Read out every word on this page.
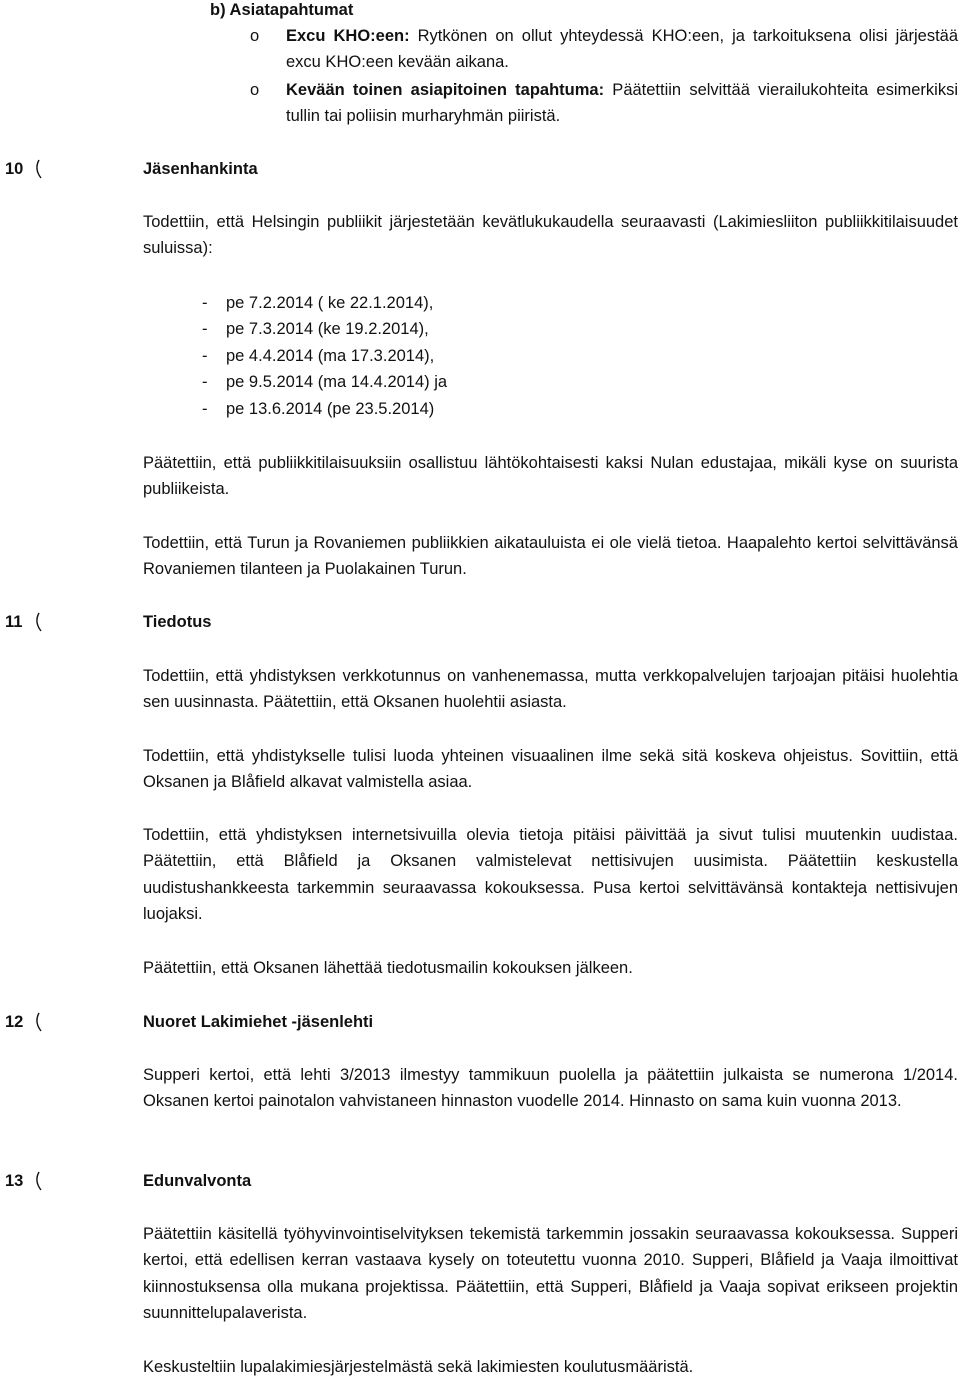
b) Asiatapahtumat
o Excu KHO:een: Rytkönen on ollut yhteydessä KHO:een, ja tarkoituksena olisi järjestää excu KHO:een kevään aikana.
o Kevään toinen asiapitoinen tapahtuma: Päätettiin selvittää vierailukohteita esimerkiksi tullin tai poliisin murharyhmän piiristä.
10	Jäsenhankinta
Todettiin, että Helsingin publiikit järjestetään kevätlukukaudella seuraavasti (Lakimiesliiton publiikkitilaisuudet suluissa):
- pe 7.2.2014 ( ke 22.1.2014),
- pe 7.3.2014 (ke 19.2.2014),
- pe 4.4.2014 (ma 17.3.2014),
- pe 9.5.2014 (ma 14.4.2014) ja
- pe 13.6.2014 (pe 23.5.2014)
Päätettiin, että publiikkitilaisuuksiin osallistuu lähtökohtaisesti kaksi Nulan edustajaa, mikäli kyse on suurista publiikeista.
Todettiin, että Turun ja Rovaniemen publiikkien aikatauluista ei ole vielä tietoa. Haapalehto kertoi selvittävänsä Rovaniemen tilanteen ja Puolakainen Turun.
11	Tiedotus
Todettiin, että yhdistyksen verkkotunnus on vanhenemassa, mutta verkkopalvelujen tarjoajan pitäisi huolehtia sen uusinnasta. Päätettiin, että Oksanen huolehtii asiasta.
Todettiin, että yhdistykselle tulisi luoda yhteinen visuaalinen ilme sekä sitä koskeva ohjeistus. Sovittiin, että Oksanen ja Blåfield alkavat valmistella asiaa.
Todettiin, että yhdistyksen internetsivuilla olevia tietoja pitäisi päivittää ja sivut tulisi muutenkin uudistaa. Päätettiin, että Blåfield ja Oksanen valmistelevat nettisivujen uusimista. Päätettiin keskustella uudistushankkeesta tarkemmin seuraavassa kokouksessa. Pusa kertoi selvittävänsä kontakteja nettisivujen luojaksi.
Päätettiin, että Oksanen lähettää tiedotusmailin kokouksen jälkeen.
12	Nuoret Lakimiehet -jäsenlehti
Supperi kertoi, että lehti 3/2013 ilmestyy tammikuun puolella ja päätettiin julkaista se numerona 1/2014. Oksanen kertoi painotalon vahvistaneen hinnaston vuodelle 2014. Hinnasto on sama kuin vuonna 2013.
13	Edunvalvonta
Päätettiin käsitellä työhyvinvointiselvityksen tekemistä tarkemmin jossakin seuraavassa kokouksessa. Supperi kertoi, että edellisen kerran vastaava kysely on toteutettu vuonna 2010. Supperi, Blåfield ja Vaaja ilmoittivat kiinnostuksensa olla mukana projektissa. Päätettiin, että Supperi, Blåfield ja Vaaja sopivat erikseen projektin suunnittelupalaverista.
Keskusteltiin lupalakimiesjärjestelmästä sekä lakimiesten koulutusmääristä.
